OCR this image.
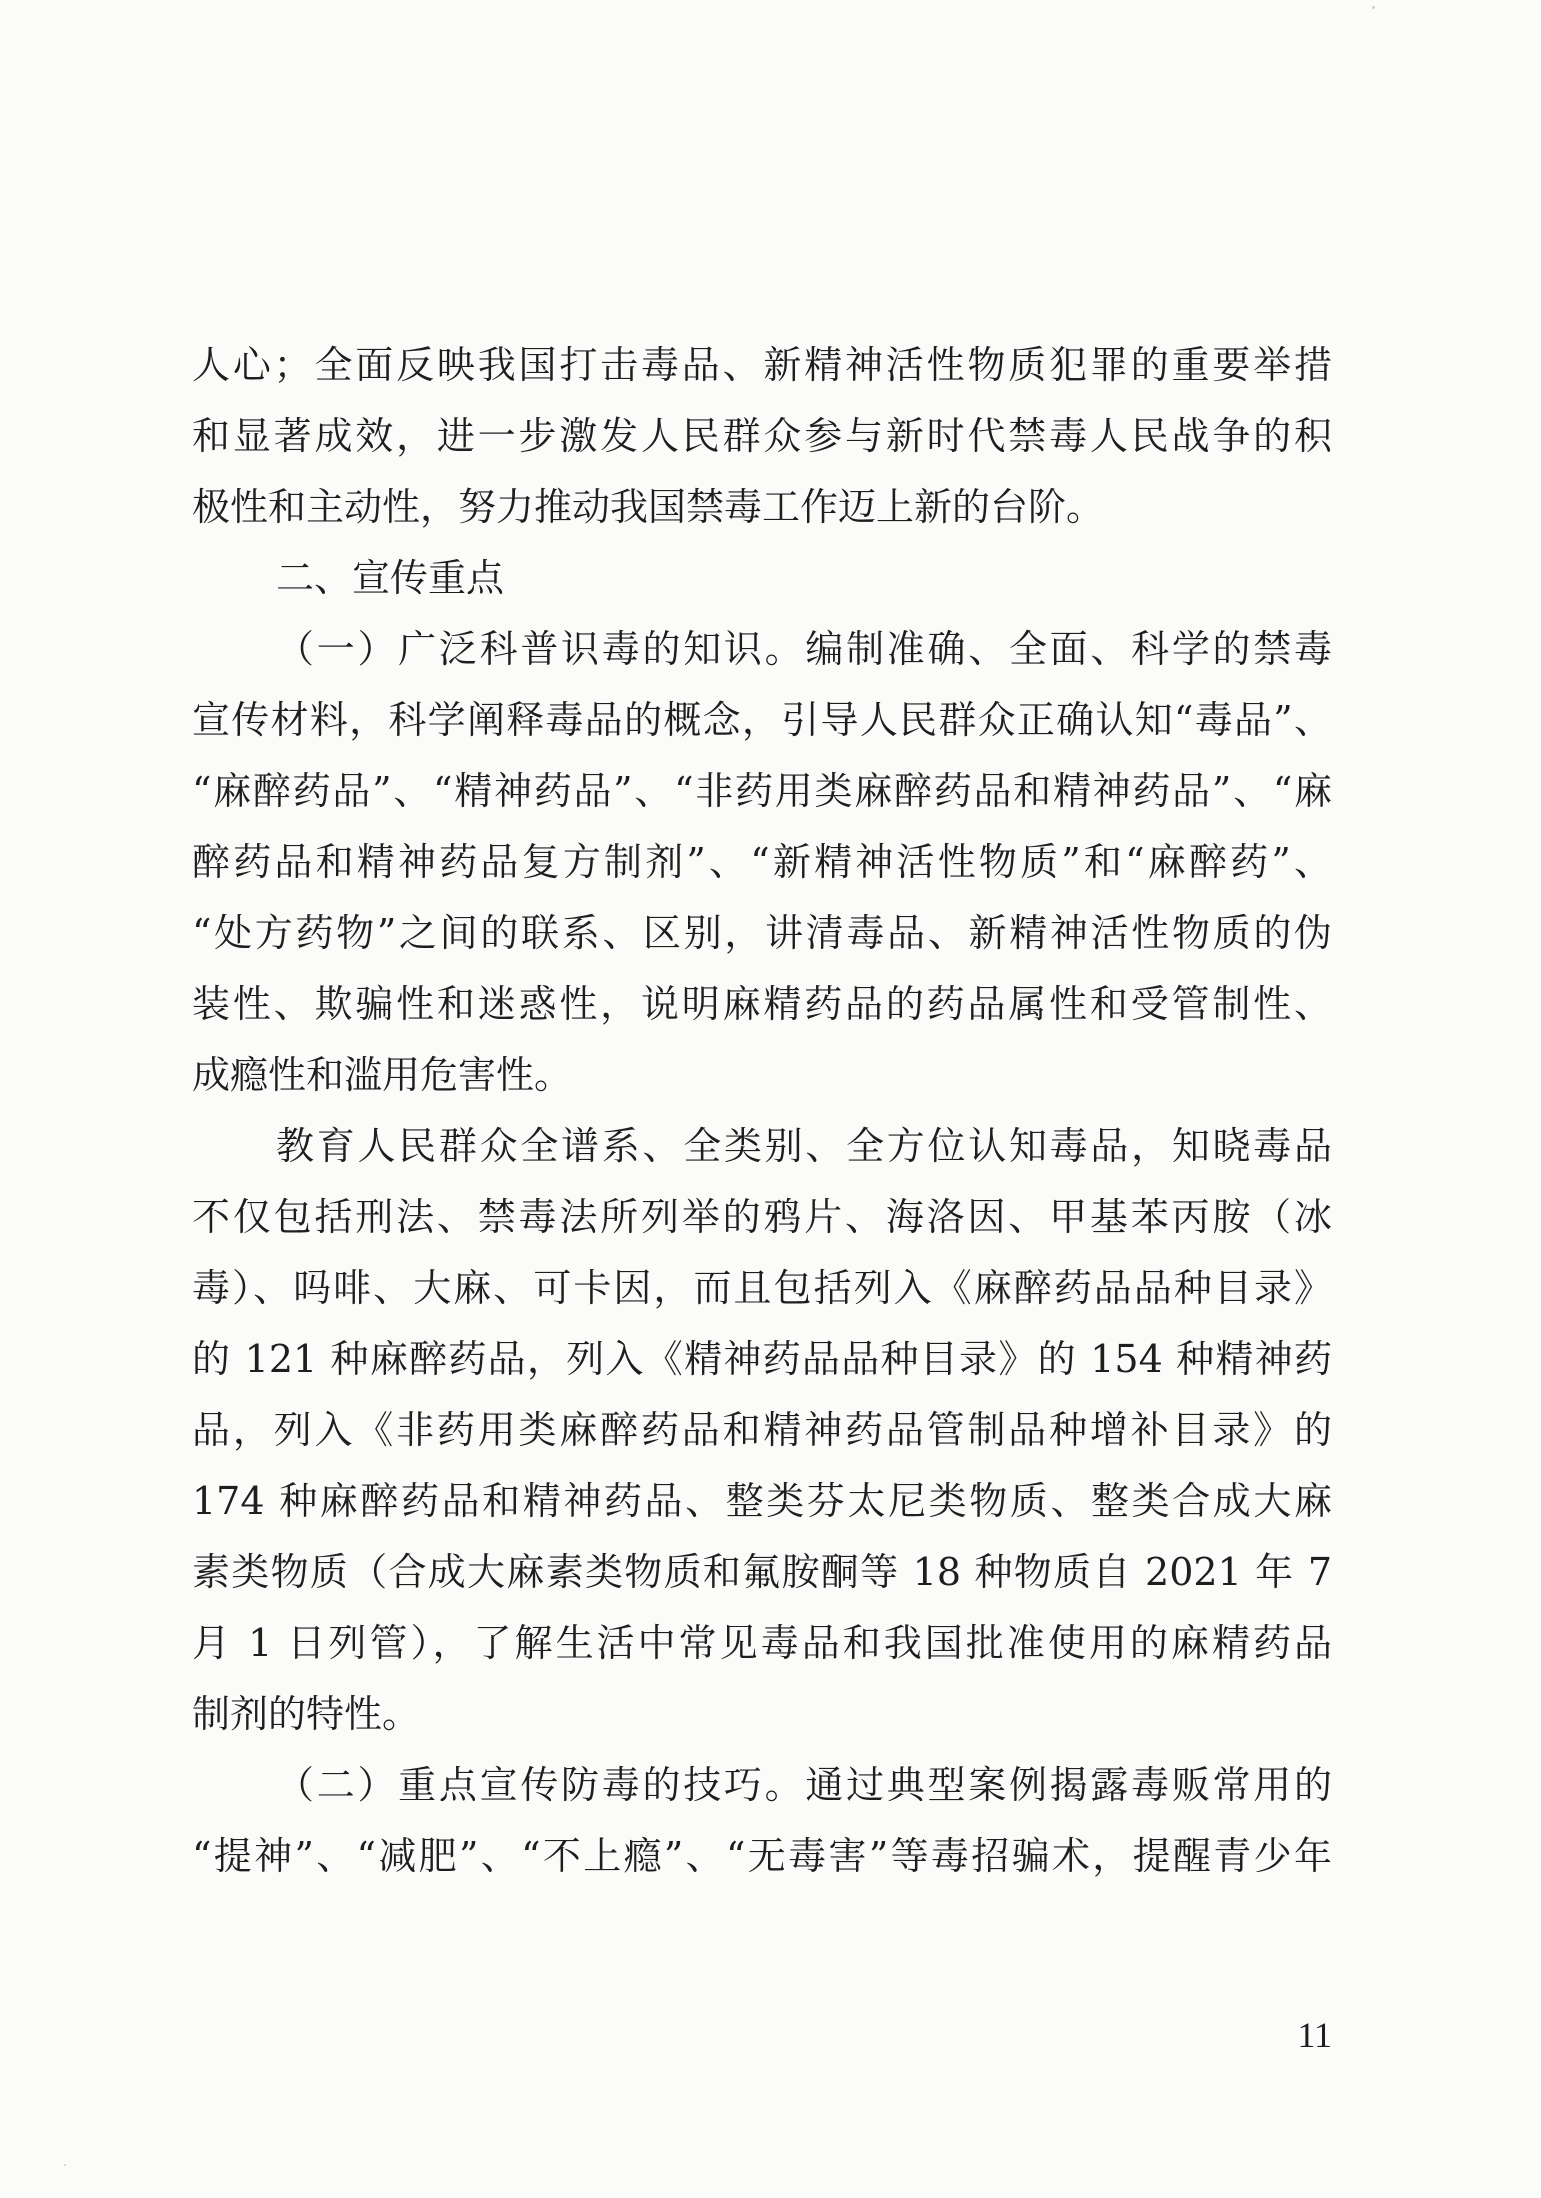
人心；全面反映我国打击毒品、新精神活性物质犯罪的重要举措
和显著成效，进一步激发人民群众参与新时代禁毒人民战争的积
极性和主动性，努力推动我国禁毒工作迈上新的台阶。
二、宣传重点
（一）广泛科普识毒的知识。编制准确、全面、科学的禁毒
宣传材料，科学阐释毒品的概念，引导人民群众正确认知“毒品”、
“麻醉药品”、“精神药品”、“非药用类麻醉药品和精神药品”、“麻
醉药品和精神药品复方制剂”、“新精神活性物质”和“麻醉药”、
“处方药物”之间的联系、区别，讲清毒品、新精神活性物质的伪
装性、欺骗性和迷惑性，说明麻精药品的药品属性和受管制性、
成瘾性和滥用危害性。
教育人民群众全谱系、全类别、全方位认知毒品，知晓毒品
不仅包括刑法、禁毒法所列举的鸦片、海洛因、甲基苯丙胺（冰
毒）、吗啡、大麻、可卡因，而且包括列入《麻醉药品品种目录》
的 121 种麻醉药品，列入《精神药品品种目录》的 154 种精神药
品，列入《非药用类麻醉药品和精神药品管制品种增补目录》的
174 种麻醉药品和精神药品、整类芬太尼类物质、整类合成大麻
素类物质（合成大麻素类物质和氟胺酮等 18 种物质自 2021 年 7
月 1 日列管），了解生活中常见毒品和我国批准使用的麻精药品
制剂的特性。
（二）重点宣传防毒的技巧。通过典型案例揭露毒贩常用的
“提神”、“减肥”、“不上瘾”、“无毒害”等毒招骗术，提醒青少年
11
